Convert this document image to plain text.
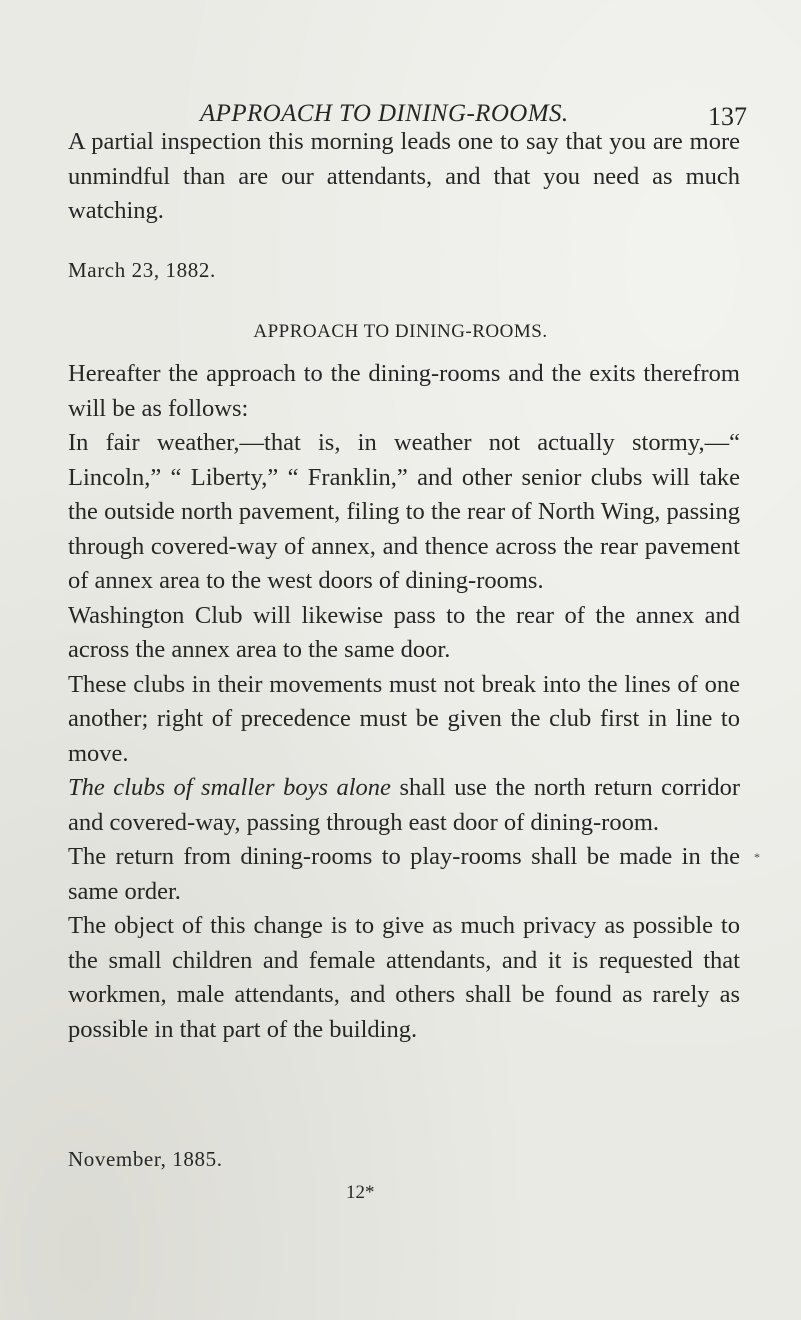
APPROACH TO DINING-ROOMS.	137

A partial inspection this morning leads one to say that you are more unmindful than are our attendants, and that you need as much watching.

March 23, 1882.
APPROACH TO DINING-ROOMS.

Hereafter the approach to the dining-rooms and the exits therefrom will be as follows:

In fair weather,—that is, in weather not actually stormy,—“ Lincoln,” “ Liberty,” “ Franklin,” and other senior clubs will take the outside north pavement, filing to the rear of North Wing, passing through covered-way of annex, and thence across the rear pavement of annex area to the west doors of dining-rooms.

Washington Club will likewise pass to the rear of the annex and across the annex area to the same door.

These clubs in their movements must not break into the lines of one another; right of precedence must be given the club first in line to move.

The clubs of smaller boys alone shall use the north return corridor and covered-way, passing through east door of dining-room.

The return from dining-rooms to play-rooms shall be made in the same order.

The object of this change is to give as much privacy as possible to the small children and female attendants, and it is requested that workmen, male attendants, and others shall be found as rarely as possible in that part of the building.

November, 1885.
12*
*
